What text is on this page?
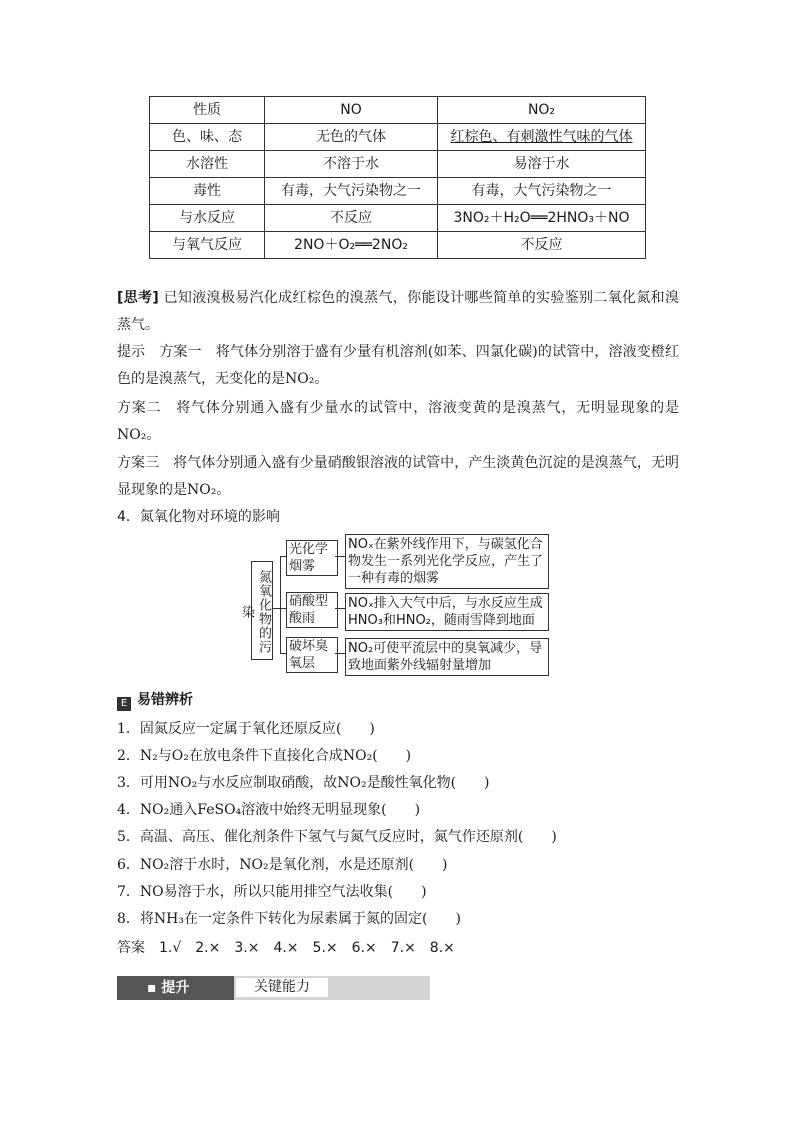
性质	NO	NO₂
色、味、态	无色的气体	红棕色、有刺激性气味的气体
水溶性	不溶于水	易溶于水
毒性	有毒，大气污染物之一	有毒，大气污染物之一
与水反应	不反应	3NO₂＋H₂O══2HNO₃＋NO
与氧气反应	2NO＋O₂══2NO₂	不反应
[思考] 已知液溴极易汽化成红棕色的溴蒸气，你能设计哪些简单的实验鉴别二氧化氮和溴蒸气。
提示　 方案一　将气体分别溶于盛有少量有机溶剂(如苯、四氯化碳)的试管中，溶液变橙红色的是溴蒸气，无变化的是NO₂。
方案二　将气体分别通入盛有少量水的试管中，溶液变黄的是溴蒸气，无明显现象的是NO₂。
方案三　将气体分别通入盛有少量硝酸银溶液的试管中，产生淡黄色沉淀的是溴蒸气，无明显现象的是NO₂。
4．氮氧化物对环境的影响
氮氧化物的污染
光化学烟雾
NOₓ在紫外线作用下，与碳氢化合物发生一系列光化学反应，产生了一种有毒的烟雾
硝酸型酸雨
NOₓ排入大气中后，与水反应生成HNO₃和HNO₂，随雨雪降到地面
破坏臭氧层
NO₂可使平流层中的臭氧减少，导致地面紫外线辐射量增加
E 易错辨析
1．固氮反应一定属于氧化还原反应(　　)
2．N₂与O₂在放电条件下直接化合成NO₂(　　)
3．可用NO₂与水反应制取硝酸，故NO₂是酸性氧化物(　　)
4．NO₂通入FeSO₄溶液中始终无明显现象(　　)
5．高温、高压、催化剂条件下氢气与氮气反应时，氮气作还原剂(　　)
6．NO₂溶于水时，NO₂是氧化剂，水是还原剂(　　)
7．NO易溶于水，所以只能用排空气法收集(　　)
8．将NH₃在一定条件下转化为尿素属于氮的固定(　　)
答案　 1.√　2.×　3.×　4.×　5.×　6.×　7.×　8.×
▪ 提升	关键能力
